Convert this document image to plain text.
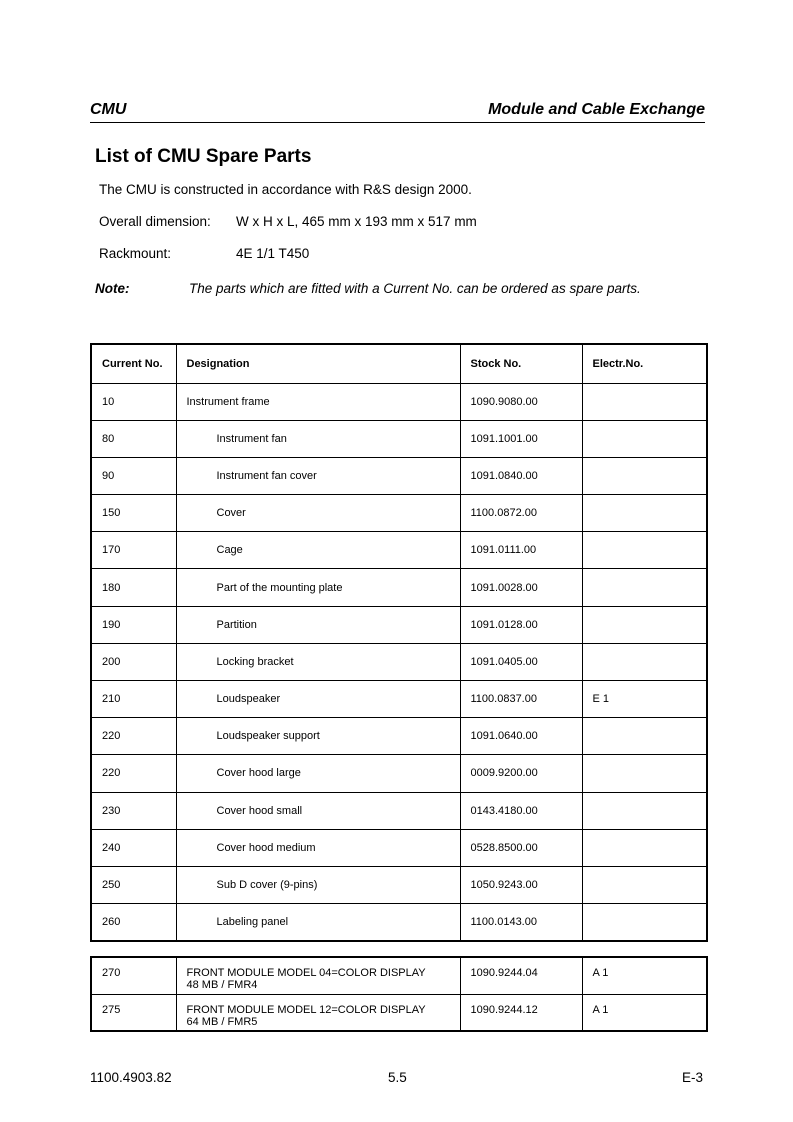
CMU	Module and Cable Exchange
List of CMU Spare Parts
The CMU is constructed in accordance with R&S design 2000.
Overall dimension: W x H x L, 465 mm x 193 mm x 517 mm
Rackmount:	4E 1/1 T450
Note:	The parts which are fitted with a Current No. can be ordered as spare parts.
Current No.	Designation	Stock No.	Electr.No.
10	Instrument frame	1090.9080.00	
80	Instrument fan	1091.1001.00	
90	Instrument fan cover	1091.0840.00	
150	Cover	1100.0872.00	
170	Cage	1091.0111.00	
180	Part of the mounting plate	1091.0028.00	
190	Partition	1091.0128.00	
200	Locking bracket	1091.0405.00	
210	Loudspeaker	1100.0837.00	E 1
220	Loudspeaker support	1091.0640.00	
220	Cover hood large	0009.9200.00	
230	Cover hood small	0143.4180.00	
240	Cover hood medium	0528.8500.00	
250	Sub D cover (9-pins)	1050.9243.00	
260	Labeling panel	1100.0143.00	
270	FRONT MODULE MODEL 04=COLOR DISPLAY
48 MB / FMR4	1090.9244.04	A 1
275	FRONT MODULE MODEL 12=COLOR DISPLAY
64 MB / FMR5	1090.9244.12	A 1
1100.4903.82	5.5	E-3
